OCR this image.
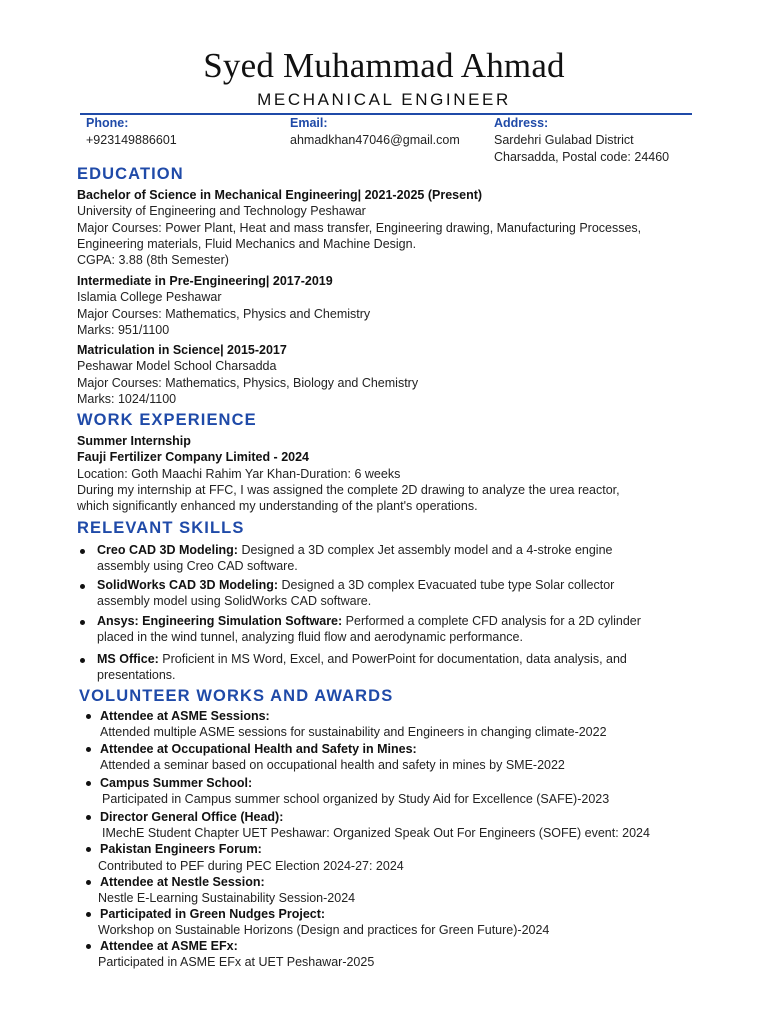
Syed Muhammad Ahmad
MECHANICAL ENGINEER
Phone:
+923149886601
Email:
ahmadkhan47046@gmail.com
Address:
Sardehri Gulabad District
Charsadda, Postal code: 24460
EDUCATION
Bachelor of Science in Mechanical Engineering| 2021-2025 (Present)
University of Engineering and Technology Peshawar
Major Courses: Power Plant, Heat and mass transfer, Engineering drawing, Manufacturing Processes,
Engineering materials, Fluid Mechanics and Machine Design.
CGPA: 3.88 (8th Semester)
Intermediate in Pre-Engineering| 2017-2019
Islamia College Peshawar
Major Courses: Mathematics, Physics and Chemistry
Marks: 951/1100
Matriculation in Science| 2015-2017
Peshawar Model School Charsadda
Major Courses: Mathematics, Physics, Biology and Chemistry
Marks: 1024/1100
WORK EXPERIENCE
Summer Internship
Fauji Fertilizer Company Limited - 2024
Location: Goth Maachi Rahim Yar Khan-Duration: 6 weeks
During my internship at FFC, I was assigned the complete 2D drawing to analyze the urea reactor,
which significantly enhanced my understanding of the plant's operations.
RELEVANT SKILLS
Creo CAD 3D Modeling: Designed a 3D complex Jet assembly model and a 4-stroke engine
assembly using Creo CAD software.
SolidWorks CAD 3D Modeling: Designed a 3D complex Evacuated tube type Solar collector
assembly model using SolidWorks CAD software.
Ansys: Engineering Simulation Software: Performed a complete CFD analysis for a 2D cylinder
placed in the wind tunnel, analyzing fluid flow and aerodynamic performance.
MS Office: Proficient in MS Word, Excel, and PowerPoint for documentation, data analysis, and
presentations.
VOLUNTEER WORKS AND AWARDS
Attendee at ASME Sessions:
Attended multiple ASME sessions for sustainability and Engineers in changing climate-2022
Attendee at Occupational Health and Safety in Mines:
Attended a seminar based on occupational health and safety in mines by SME-2022
Campus Summer School:
Participated in Campus summer school organized by Study Aid for Excellence (SAFE)-2023
Director General Office (Head):
IMechE Student Chapter UET Peshawar: Organized Speak Out For Engineers (SOFE) event: 2024
Pakistan Engineers Forum:
Contributed to PEF during PEC Election 2024-27: 2024
Attendee at Nestle Session:
Nestle E-Learning Sustainability Session-2024
Participated in Green Nudges Project:
Workshop on Sustainable Horizons (Design and practices for Green Future)-2024
Attendee at ASME EFx:
Participated in ASME EFx at UET Peshawar-2025
